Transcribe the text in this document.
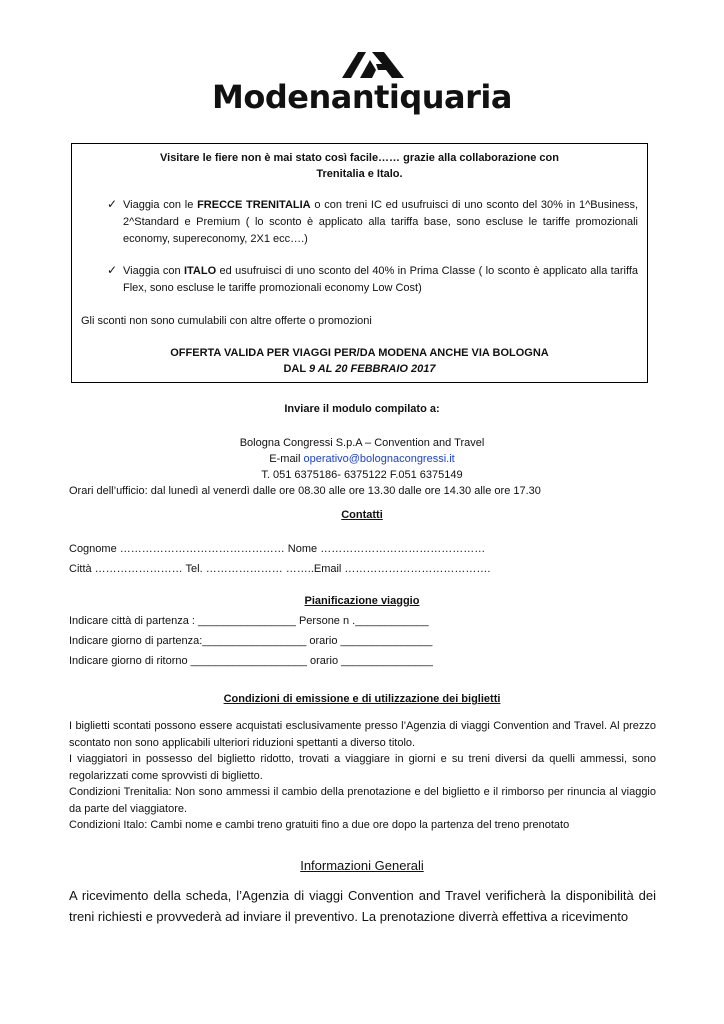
Modenantiquaria
Visitare le fiere non è mai stato così facile…… grazie alla collaborazione con
Trenitalia e Italo.
✓ Viaggia con le FRECCE TRENITALIA o con treni IC ed usufruisci di uno sconto del 30% in 1^Business, 2^Standard e Premium ( lo sconto è applicato alla tariffa base, sono escluse le tariffe promozionali economy, supereconomy, 2X1 ecc….)
✓ Viaggia con ITALO ed usufruisci di uno sconto del 40% in Prima Classe ( lo sconto è applicato alla tariffa Flex, sono escluse le tariffe promozionali economy Low Cost)
Gli sconti non sono cumulabili con altre offerte o promozioni
OFFERTA VALIDA PER VIAGGI PER/DA MODENA ANCHE VIA BOLOGNA
DAL 9 AL 20 FEBBRAIO 2017
Inviare il modulo compilato a:
Bologna Congressi S.p.A – Convention and Travel
E-mail operativo@bolognacongressi.it
T. 051 6375186- 6375122 F.051 6375149
Orari dell’ufficio: dal lunedì al venerdì dalle ore 08.30 alle ore 13.30 dalle ore 14.30 alle ore 17.30
Contatti
Cognome ……………………………………… Nome ………………………………………
Città …………………… Tel. ………………… ……..Email ………………………………….
Pianificazione viaggio
Indicare città di partenza : ________________ Persone n .____________
Indicare giorno di partenza:_________________ orario _______________
Indicare giorno di ritorno ___________________ orario _______________
Condizioni di emissione e di utilizzazione dei biglietti
I biglietti scontati possono essere acquistati esclusivamente presso l’Agenzia di viaggi Convention and Travel. Al prezzo scontato non sono applicabili ulteriori riduzioni spettanti a diverso titolo.
I viaggiatori in possesso del biglietto ridotto, trovati a viaggiare in giorni e su treni diversi da quelli ammessi, sono regolarizzati come sprovvisti di biglietto.
Condizioni Trenitalia: Non sono ammessi il cambio della prenotazione e del biglietto e il rimborso per rinuncia al viaggio da parte del viaggiatore.
Condizioni Italo: Cambi nome e cambi treno gratuiti fino a due ore dopo la partenza del treno prenotato
Informazioni Generali
A ricevimento della scheda, l’Agenzia di viaggi Convention and Travel verificherà la disponibilità dei treni richiesti e provvederà ad inviare il preventivo. La prenotazione diverrà effettiva a ricevimento
